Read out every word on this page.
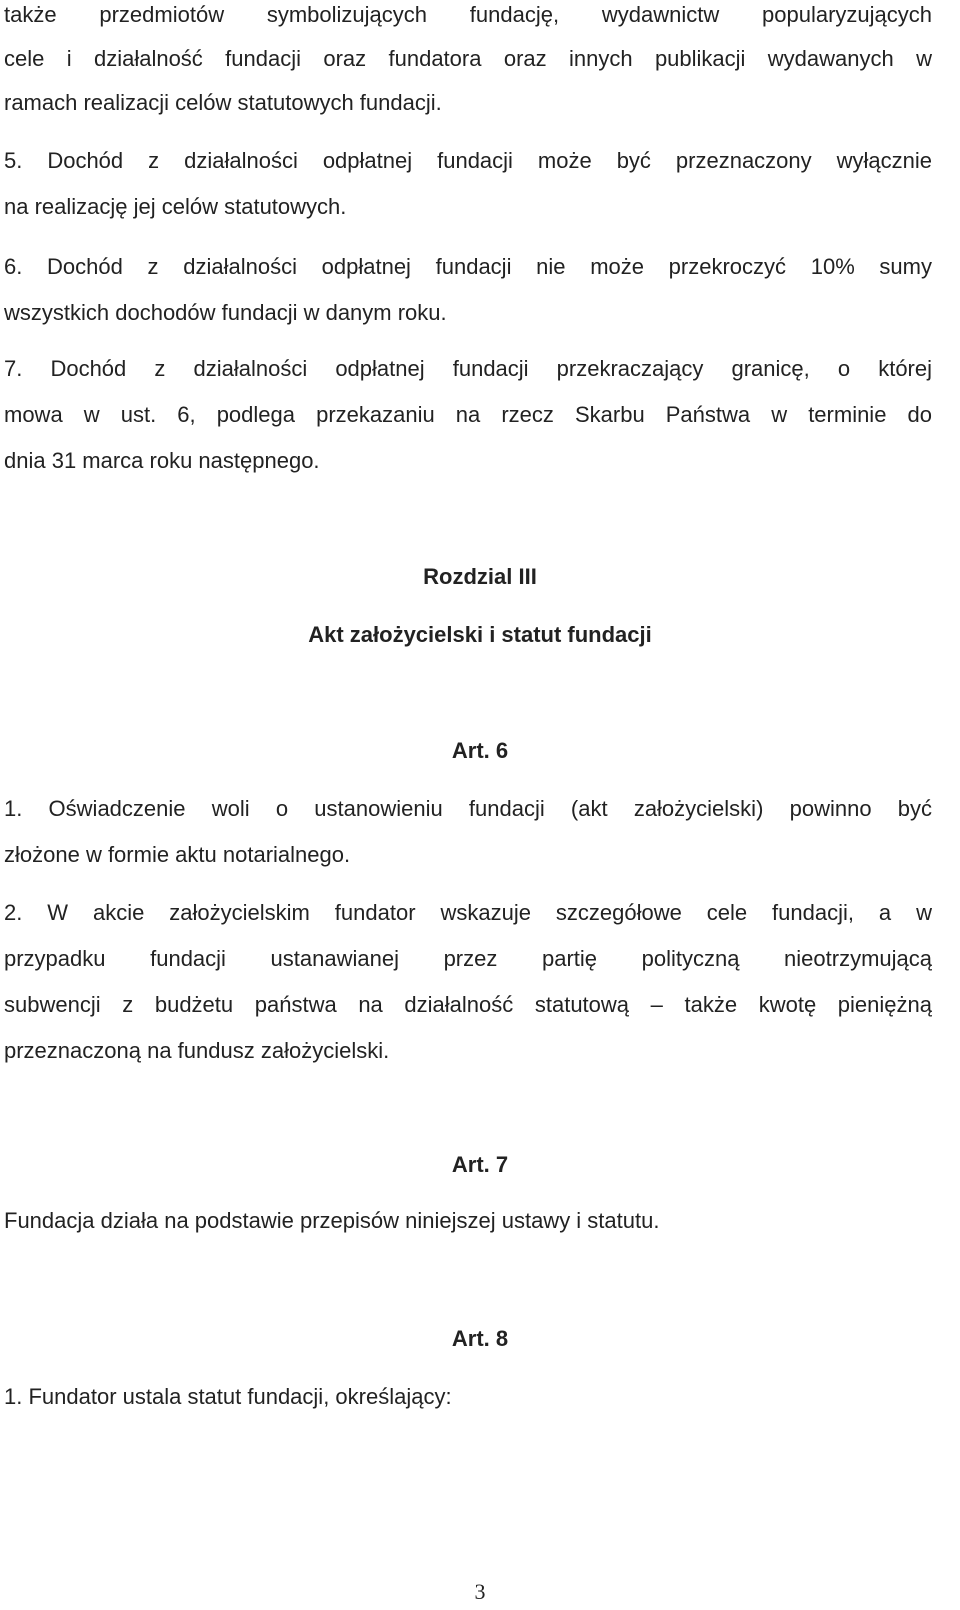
także przedmiotów symbolizujących fundację, wydawnictw popularyzujących
cele i działalność fundacji oraz fundatora oraz innych publikacji wydawanych w
ramach realizacji celów statutowych fundacji.
5. Dochód z działalności odpłatnej fundacji może być przeznaczony wyłącznie
na realizację jej celów statutowych.
6. Dochód z działalności odpłatnej fundacji nie może przekroczyć 10% sumy
wszystkich dochodów fundacji w danym roku.
7. Dochód z działalności odpłatnej fundacji przekraczający granicę, o której
mowa w ust. 6, podlega przekazaniu na rzecz Skarbu Państwa w terminie do
dnia 31 marca roku następnego.
Rozdzial III
Akt założycielski i statut fundacji
Art. 6
1. Oświadczenie woli o ustanowieniu fundacji (akt założycielski) powinno być
złożone w formie aktu notarialnego.
2. W akcie założycielskim fundator wskazuje szczegółowe cele fundacji, a w
przypadku fundacji ustanawianej przez partię polityczną nieotrzymującą
subwencji z budżetu państwa na działalność statutową – także kwotę pieniężną
przeznaczoną na fundusz założycielski.
Art. 7
Fundacja działa na podstawie przepisów niniejszej ustawy i statutu.
Art. 8
1. Fundator ustala statut fundacji, określający:
3
